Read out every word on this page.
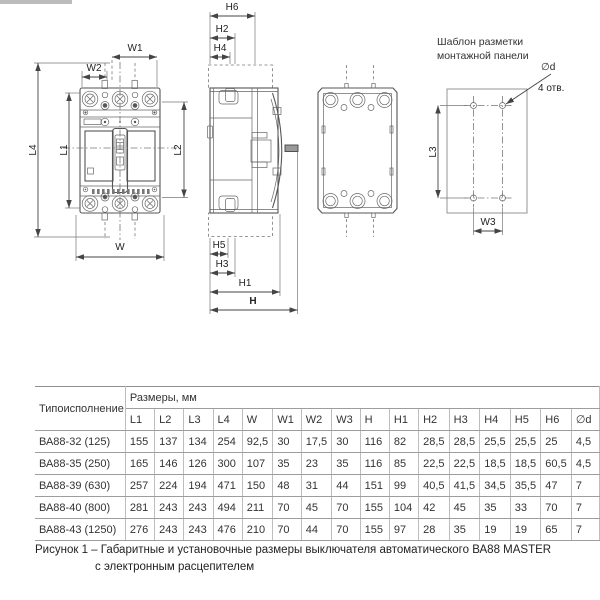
W1
W2
L4 L1	L2
W
H6
H2
H4
H5
H3
H1
H
Шаблон разметки
монтажной панели
L3
W3
∅d
4 отв.
Типоисполнение	Размеры, мм															
	L1	L2	L3	L4	W	W1	W2	W3	H	H1	H2	H3	H4	H5	H6	∅d
ВА88-32 (125)	155	137	134	254	92,5	30	17,5	30	116	82	28,5	28,5	25,5	25,5	25	4,5
ВА88-35 (250)	165	146	126	300	107	35	23	35	116	85	22,5	22,5	18,5	18,5	60,5	4,5
ВА88-39 (630)	257	224	194	471	150	48	31	44	151	99	40,5	41,5	34,5	35,5	47	7
ВА88-40 (800)	281	243	243	494	211	70	45	70	155	104	42	45	35	33	70	7
ВА88-43 (1250)	276	243	243	476	210	70	44	70	155	97	28	35	19	19	65	7
Рисунок 1 – Габаритные и установочные размеры выключателя автоматического ВА88 MASTER
с электронным расцепителем
